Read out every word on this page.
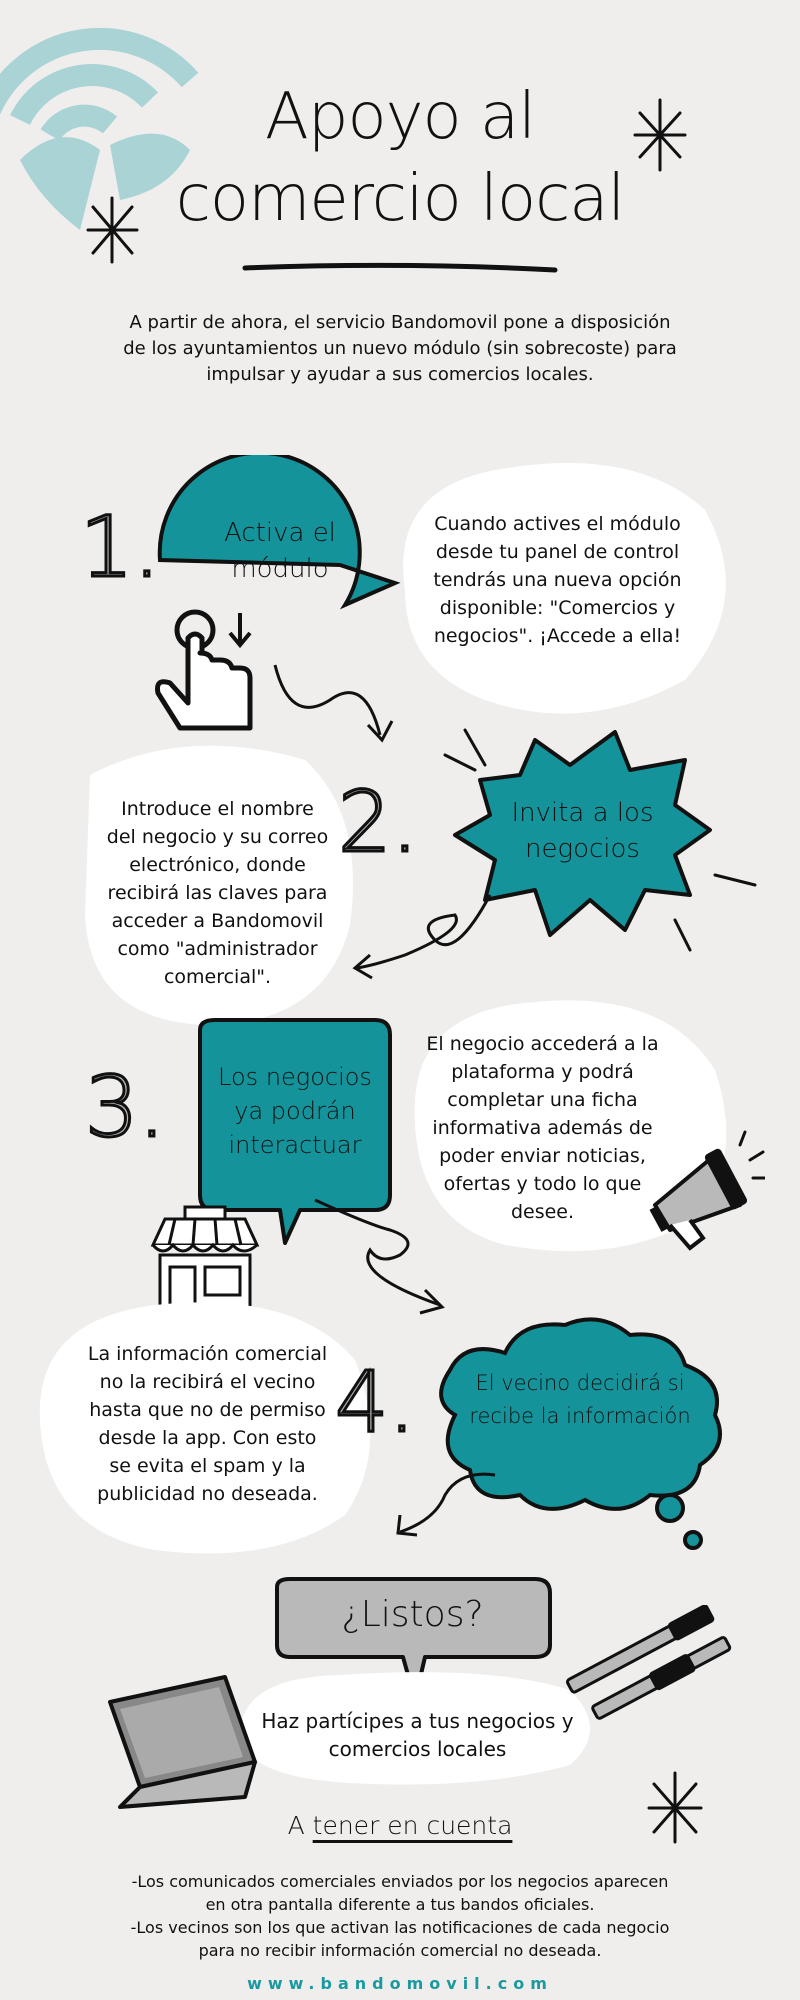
Apoyo al
comercio local
A partir de ahora, el servicio Bandomovil pone a disposición de los ayuntamientos un nuevo módulo (sin sobrecoste) para impulsar y ayudar a sus comercios locales.
1.	Activa el módulo
Cuando actives el módulo desde tu panel de control tendrás una nueva opción disponible: "Comercios y negocios". ¡Accede a ella!
Introduce el nombre del negocio y su correo electrónico, donde recibirá las claves para acceder a Bandomovil como "administrador comercial".
2.	Invita a los negocios
3.	Los negocios ya podrán interactuar
El negocio accederá a la plataforma y podrá completar una ficha informativa además de poder enviar noticias, ofertas y todo lo que desee.
La información comercial no la recibirá el vecino hasta que no de permiso desde la app. Con esto se evita el spam y la publicidad no deseada.
4.	El vecino decidirá si recibe la información
¿Listos?
Haz partícipes a tus negocios y comercios locales
A tener en cuenta
-Los comunicados comerciales enviados por los negocios aparecen en otra pantalla diferente a tus bandos oficiales.
-Los vecinos son los que activan las notificaciones de cada negocio para no recibir información comercial no deseada.
www.bandomovil.com
